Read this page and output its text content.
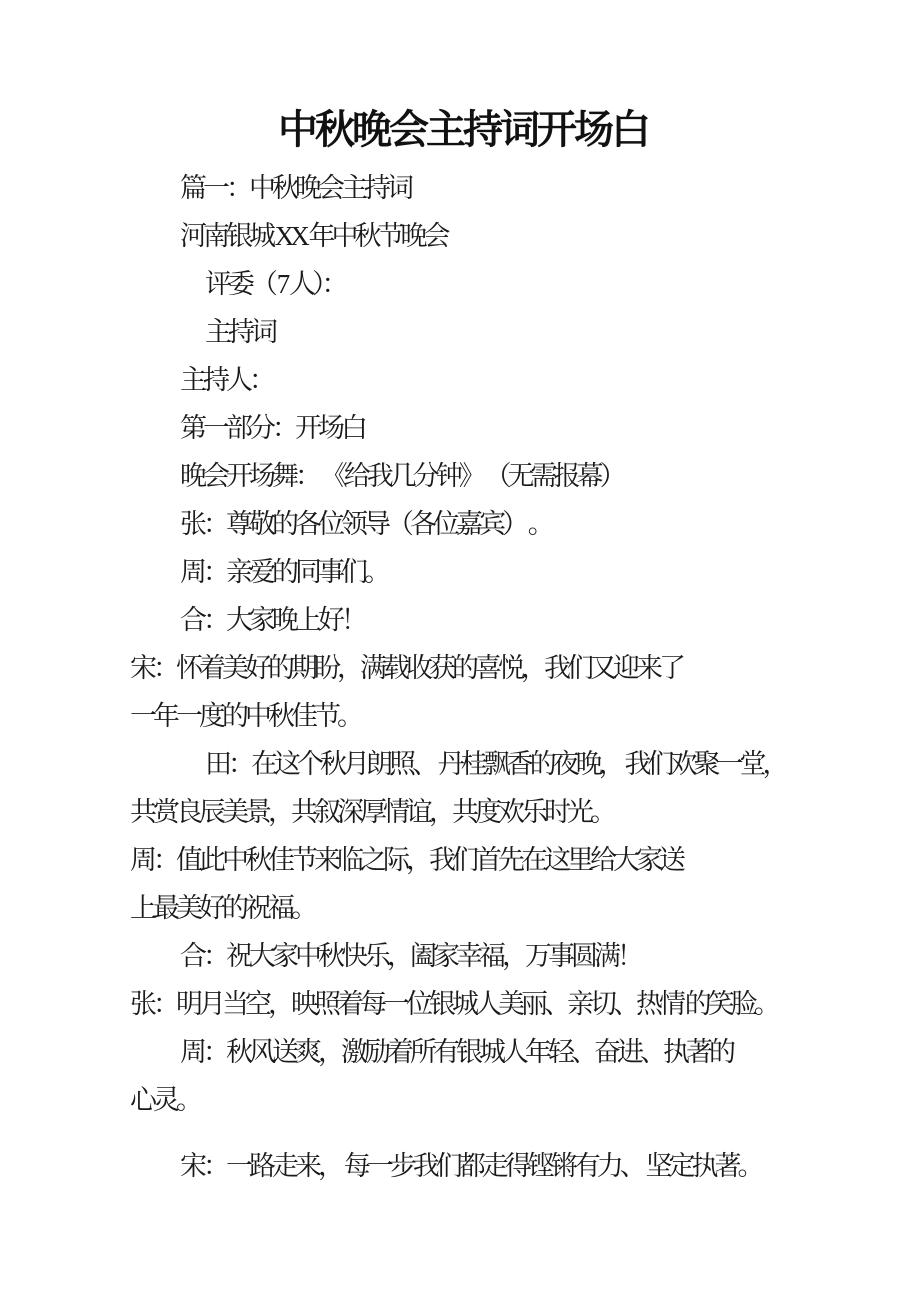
中秋晚会主持词开场白

篇一：中秋晚会主持词

河南银城 XX 年中秋节晚会

评委（ 7 人）：

主持词

主持人：

第一部分：开场白

晚会开场舞： 《给我几分钟》 （无需报幕）

张：尊敬的各位领导（各位嘉宾） 。

周：亲爱的同事们。

合：大家晚上好！

宋：怀着美好的期盼，满载收获的喜悦，我们又迎来了

一年一度的中秋佳节。

田：在这个秋月朗照、 丹桂飘香的夜晚， 我们欢聚一堂，

共赏良辰美景，共叙深厚情谊，共度欢乐时光。

周：值此中秋佳节来临之际，我们首先在这里给大家送

上最美好的祝福。

合：祝大家中秋快乐，阖家幸福，万事圆满！

张：明月当空，映照着每一位银城人美丽、亲切、热情 的笑脸。

周：秋风送爽，激励着所有银城人年轻、奋进、执著的

心灵。

宋：一路走来， 每一步我们都走得铿锵有力、 坚定执著。
